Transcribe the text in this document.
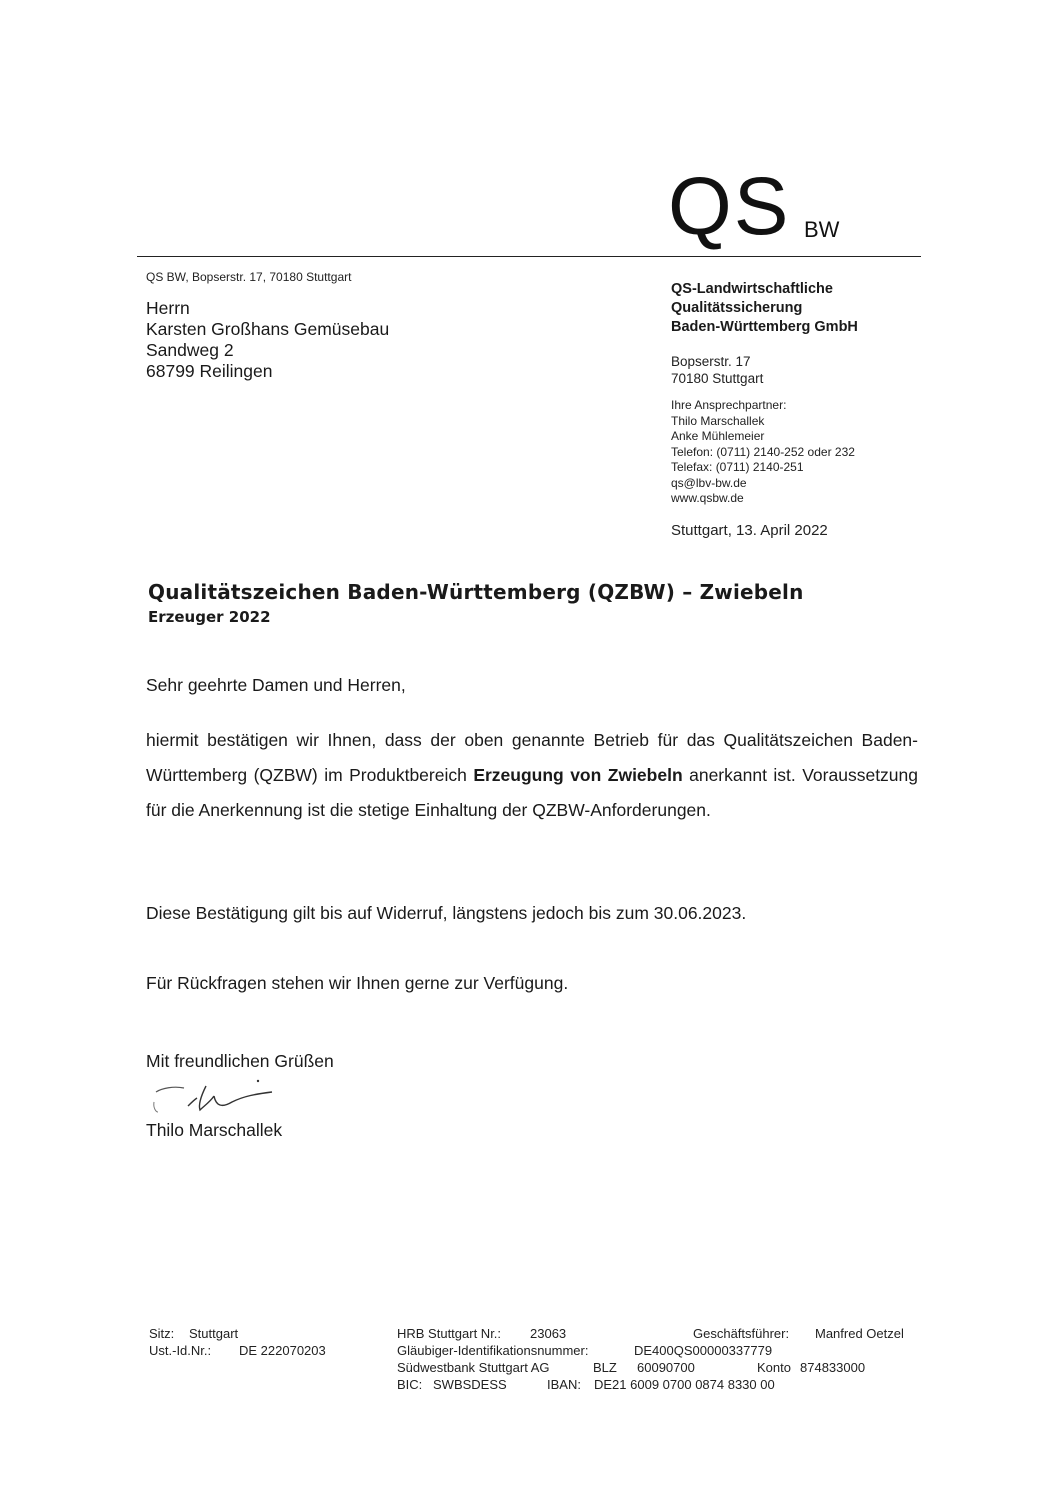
QS BW
QS BW, Bopserstr. 17, 70180 Stuttgart
Herrn
Karsten Großhans Gemüsebau
Sandweg 2
68799 Reilingen
QS-Landwirtschaftliche
Qualitätssicherung
Baden-Württemberg GmbH
Bopserstr. 17
70180 Stuttgart
Ihre Ansprechpartner:
Thilo Marschallek
Anke Mühlemeier
Telefon: (0711) 2140-252 oder 232
Telefax: (0711) 2140-251
qs@lbv-bw.de
www.qsbw.de
Stuttgart, 13. April 2022
Qualitätszeichen Baden-Württemberg (QZBW) – Zwiebeln
Erzeuger 2022
Sehr geehrte Damen und Herren,
hiermit bestätigen wir Ihnen, dass der oben genannte Betrieb für das Qualitätszeichen Baden-Württemberg (QZBW) im Produktbereich Erzeugung von Zwiebeln anerkannt ist. Voraussetzung für die Anerkennung ist die stetige Einhaltung der QZBW-Anforderungen.
Diese Bestätigung gilt bis auf Widerruf, längstens jedoch bis zum 30.06.2023.
Für Rückfragen stehen wir Ihnen gerne zur Verfügung.
Mit freundlichen Grüßen
Thilo Marschallek
Sitz: Stuttgart
Ust.-Id.Nr.: DE 222070203
HRB Stuttgart Nr.: 23063	Geschäftsführer: Manfred Oetzel
Gläubiger-Identifikationsnummer:	DE400QS00000337779
Südwestbank Stuttgart AG	BLZ 60090700	Konto 874833000
BIC: SWBSDESS	IBAN: DE21 6009 0700 0874 8330 00
